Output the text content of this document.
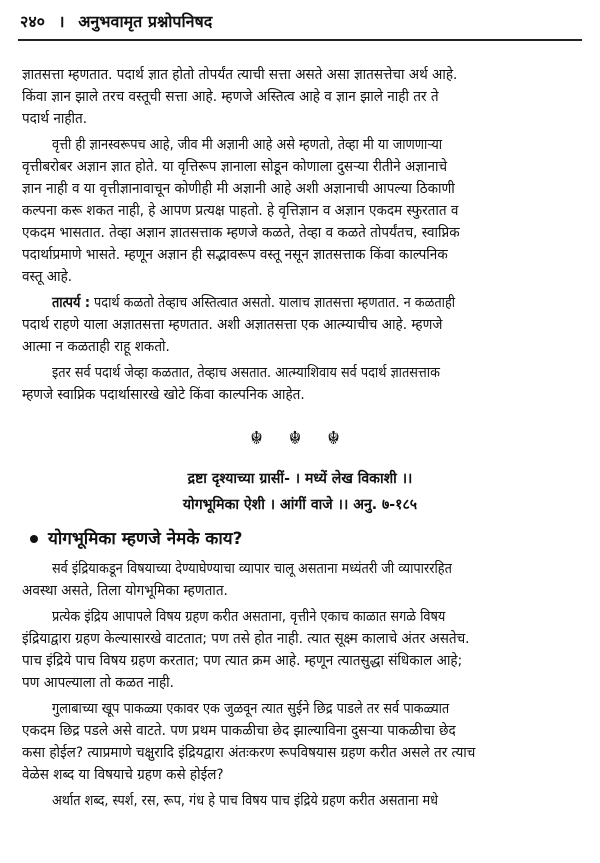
२४० । अनुभवामृत प्रश्नोपनिषद
ज्ञातसत्ता म्हणतात. पदार्थ ज्ञात होतो तोपर्यंत त्याची सत्ता असते असा ज्ञातसत्तेचा अर्थ आहे.
किंवा ज्ञान झाले तरच वस्तूची सत्ता आहे. म्हणजे अस्तित्व आहे व ज्ञान झाले नाही तर ते
पदार्थ नाहीत.
वृत्ती ही ज्ञानस्वरूपच आहे, जीव मी अज्ञानी आहे असे म्हणतो, तेव्हा मी या जाणणाऱ्या
वृत्तीबरोबर अज्ञान ज्ञात होते. या वृत्तिरूप ज्ञानाला सोडून कोणाला दुसऱ्या रीतीने अज्ञानाचे
ज्ञान नाही व या वृत्तीज्ञानावाचून कोणीही मी अज्ञानी आहे अशी अज्ञानाची आपल्या ठिकाणी
कल्पना करू शकत नाही, हे आपण प्रत्यक्ष पाहतो. हे वृत्तिज्ञान व अज्ञान एकदम स्फुरतात व
एकदम भासतात. तेव्हा अज्ञान ज्ञातसत्ताक म्हणजे कळते, तेव्हा व कळते तोपर्यंतच, स्वाप्निक
पदार्थाप्रमाणे भासते. म्हणून अज्ञान ही सद्भावरूप वस्तू नसून ज्ञातसत्ताक किंवा काल्पनिक
वस्तू आहे.
तात्पर्य : पदार्थ कळतो तेव्हाच अस्तित्वात असतो. यालाच ज्ञातसत्ता म्हणतात. न कळताही
पदार्थ राहणे याला अज्ञातसत्ता म्हणतात. अशी अज्ञातसत्ता एक आत्म्याचीच आहे. म्हणजे
आत्मा न कळताही राहू शकतो.
इतर सर्व पदार्थ जेव्हा कळतात, तेव्हाच असतात. आत्म्याशिवाय सर्व पदार्थ ज्ञातसत्ताक
म्हणजे स्वाप्निक पदार्थासारखे खोटे किंवा काल्पनिक आहेत.
☬ ☬ ☬
द्रष्टा दृश्याच्या ग्रासीं- । मध्यें लेख विकाशी ।।
योगभूमिका ऐशी । आंगीं वाजे ।। अनु. ७-१८५
योगभूमिका म्हणजे नेमके काय?
सर्व इंद्रियाकडून विषयाच्या देण्याघेण्याचा व्यापार चालू असताना मध्यंतरी जी व्यापाररहित
अवस्था असते, तिला योगभूमिका म्हणतात.
प्रत्येक इंद्रिय आपापले विषय ग्रहण करीत असताना, वृत्तीने एकाच काळात सगळे विषय
इंद्रियाद्वारा ग्रहण केल्यासारखे वाटतात; पण तसे होत नाही. त्यात सूक्ष्म कालाचे अंतर असतेच.
पाच इंद्रिये पाच विषय ग्रहण करतात; पण त्यात क्रम आहे. म्हणून त्यातसुद्धा संधिकाल आहे;
पण आपल्याला तो कळत नाही.
गुलाबाच्या खूप पाकळ्या एकावर एक जुळवून त्यात सुईने छिद्र पाडले तर सर्व पाकळ्यात
एकदम छिद्र पडले असे वाटते. पण प्रथम पाकळीचा छेद झाल्याविना दुसऱ्या पाकळीचा छेद
कसा होईल? त्याप्रमाणे चक्षुरादि इंद्रियद्वारा अंतःकरण रूपविषयास ग्रहण करीत असले तर त्याच
वेळेस शब्द या विषयाचे ग्रहण कसे होईल?
अर्थात शब्द, स्पर्श, रस, रूप, गंध हे पाच विषय पाच इंद्रिये ग्रहण करीत असताना मधे
